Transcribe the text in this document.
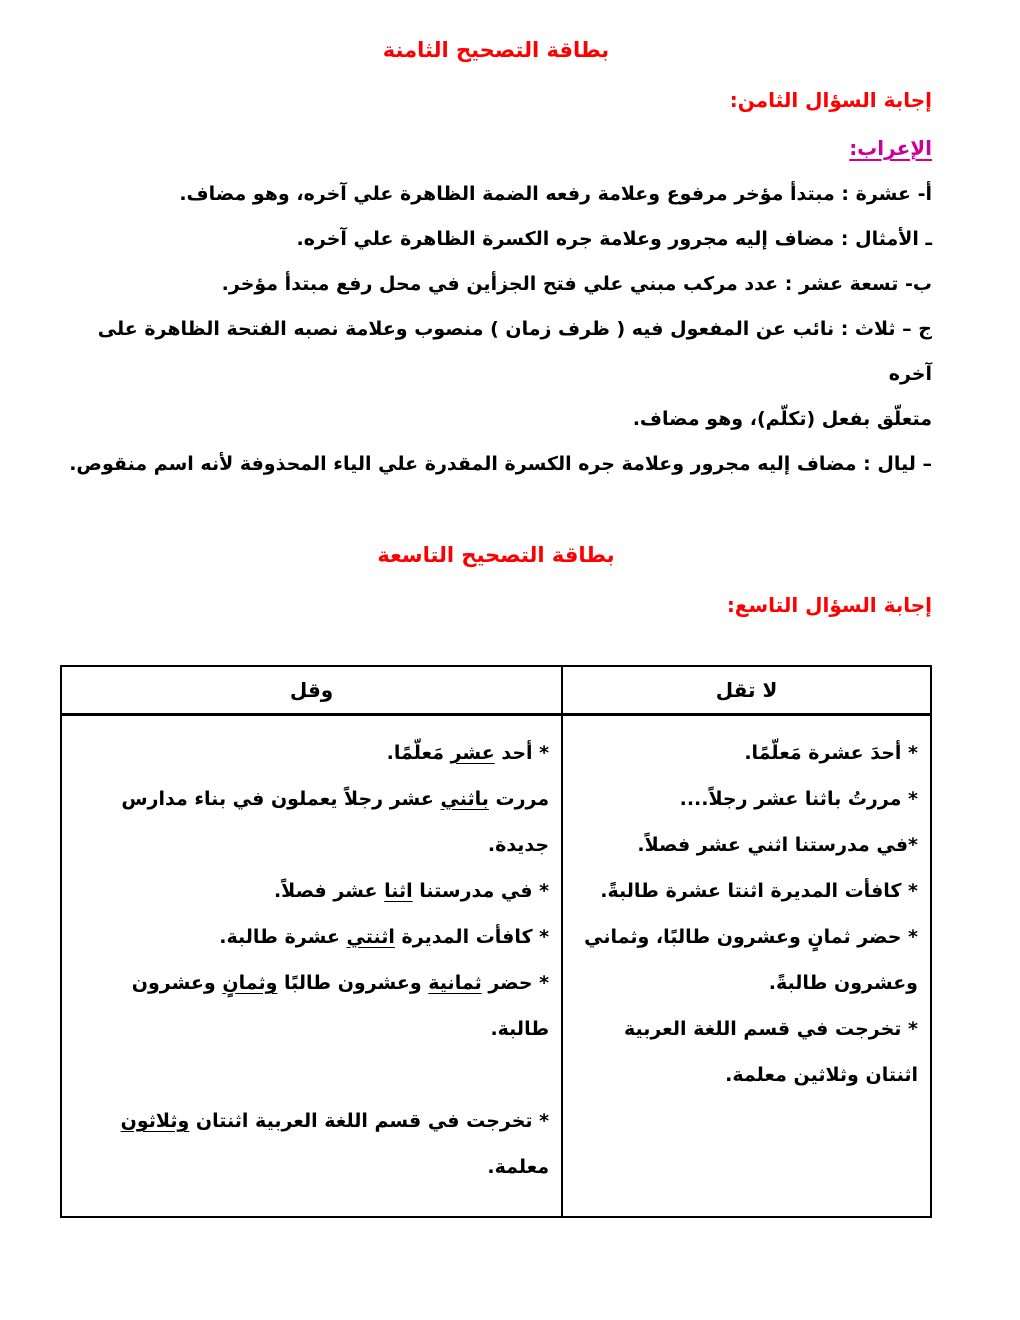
بطاقة التصحيح الثامنة
إجابة السؤال الثامن:
الإعراب:
أ- عشرة : مبتدأ مؤخر مرفوع وعلامة رفعه الضمة الظاهرة علي آخره، وهو مضاف.
ـ الأمثال : مضاف إليه مجرور وعلامة جره الكسرة الظاهرة علي آخره.
ب- تسعة عشر : عدد مركب مبني علي فتح الجزأين في محل رفع مبتدأ مؤخر.
ج – ثلاث : نائب عن المفعول فيه ( ظرف زمان ) منصوب وعلامة نصبه الفتحة الظاهرة على آخره
متعلّق بفعل (تكلّم)، وهو مضاف.
– ليال : مضاف إليه مجرور وعلامة جره الكسرة المقدرة علي الياء المحذوفة لأنه اسم منقوص.
بطاقة التصحيح التاسعة
إجابة السؤال التاسع:
لا تقل
* أحدَ عشرة مَعلّمًا.
* مررتُ باثنا عشر رجلاً....
*في مدرستنا اثني عشر فصلاً.
* كافأت المديرة اثنتا عشرة طالبةً.
* حضر ثمانٍ وعشرون طالبًا، وثماني وعشرون طالبةً.
* تخرجت في قسم اللغة العربية اثنتان وثلاثين معلمة.
وقل
* أحد عشر مَعلّمًا.
مررت باثني عشر رجلاً يعملون في بناء مدارس جديدة.
* في مدرستنا اثنا عشر فصلاً.
* كافأت المديرة اثنتي عشرة طالبة.
* حضر ثمانية وعشرون طالبًا وثمانٍ وعشرون طالبة.
* تخرجت في قسم اللغة العربية اثنتان وثلاثون معلمة.
